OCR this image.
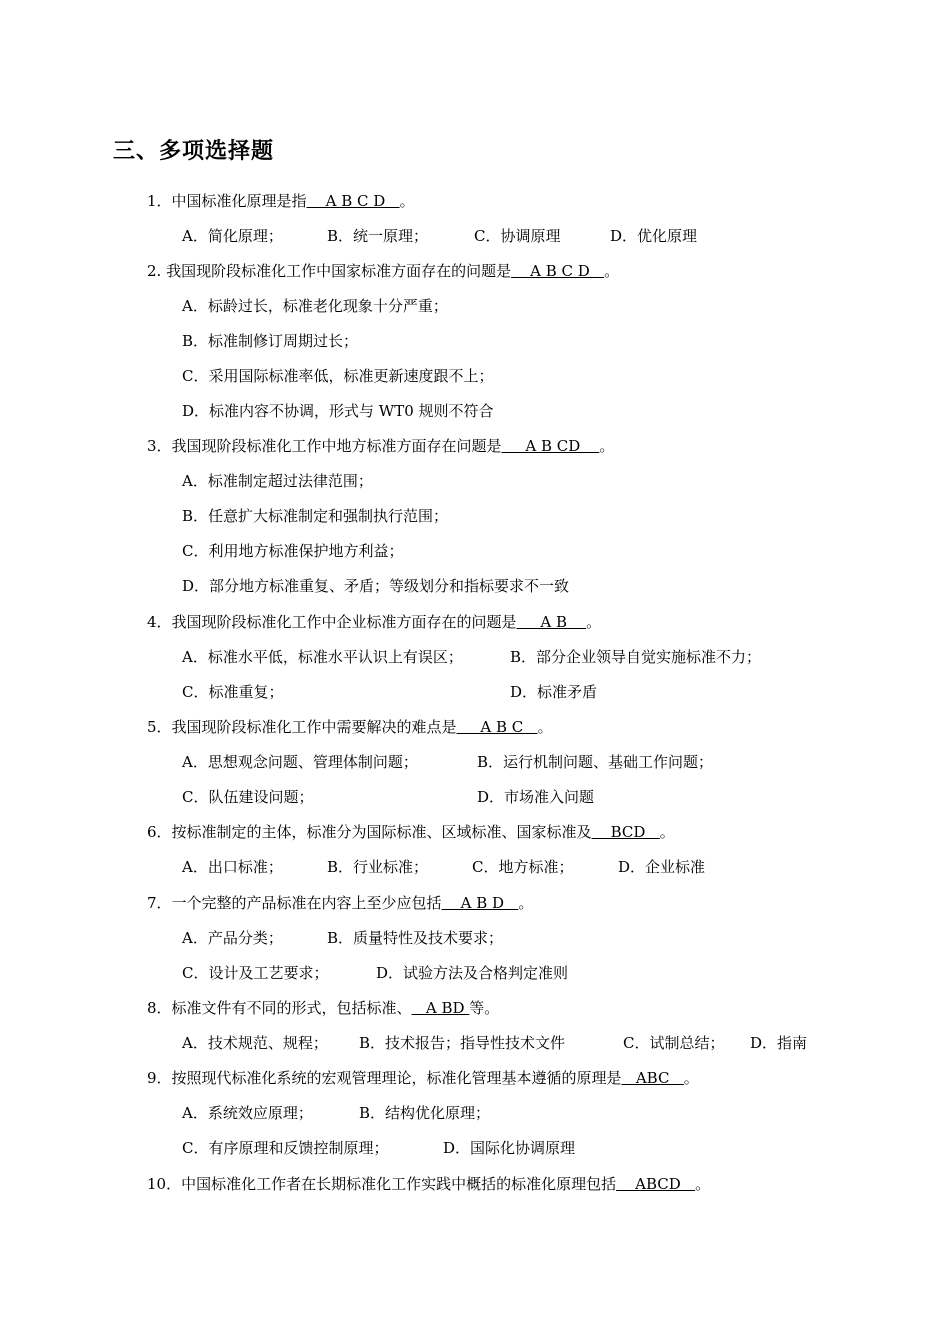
三、多项选择题
1．中国标准化原理是指    A B C D   。
A．简化原理；	B．统一原理；	C．协调原理	D．优化原理
2. 我国现阶段标准化工作中国家标准方面存在的问题是    A B C D   。
A．标龄过长，标准老化现象十分严重；
B．标准制修订周期过长；
C．采用国际标准率低，标准更新速度跟不上；
D．标准内容不协调，形式与 WT0 规则不符合
3．我国现阶段标准化工作中地方标准方面存在问题是     A B CD    。
A．标准制定超过法律范围；
B．任意扩大标准制定和强制执行范围；
C．利用地方标准保护地方利益；
D．部分地方标准重复、矛盾；等级划分和指标要求不一致
4．我国现阶段标准化工作中企业标准方面存在的问题是     A B    。
A．标准水平低，标准水平认识上有误区；	B．部分企业领导自觉实施标准不力；
C．标准重复；	D．标准矛盾
5．我国现阶段标准化工作中需要解决的难点是     A B C   。
A．思想观念问题、管理体制问题；	B．运行机制问题、基础工作问题；
C．队伍建设问题；	D．市场准入问题
6．按标准制定的主体，标准分为国际标准、区域标准、国家标准及    BCD   。
A．出口标准；	B．行业标准；	C．地方标准；	D．企业标准
7．一个完整的产品标准在内容上至少应包括    A B D   。
A．产品分类；	B．质量特性及技术要求；
C．设计及工艺要求；	D．试验方法及合格判定准则
8．标准文件有不同的形式，包括标准、   A BD 等。
A．技术规范、规程； B．技术报告；指导性技术文件	C．试制总结； D．指南
9．按照现代标准化系统的宏观管理理论，标准化管理基本遵循的原理是   ABC   。
A．系统效应原理；	B．结构优化原理；
C．有序原理和反馈控制原理；	D．国际化协调原理
10．中国标准化工作者在长期标准化工作实践中概括的标准化原理包括    ABCD   。
